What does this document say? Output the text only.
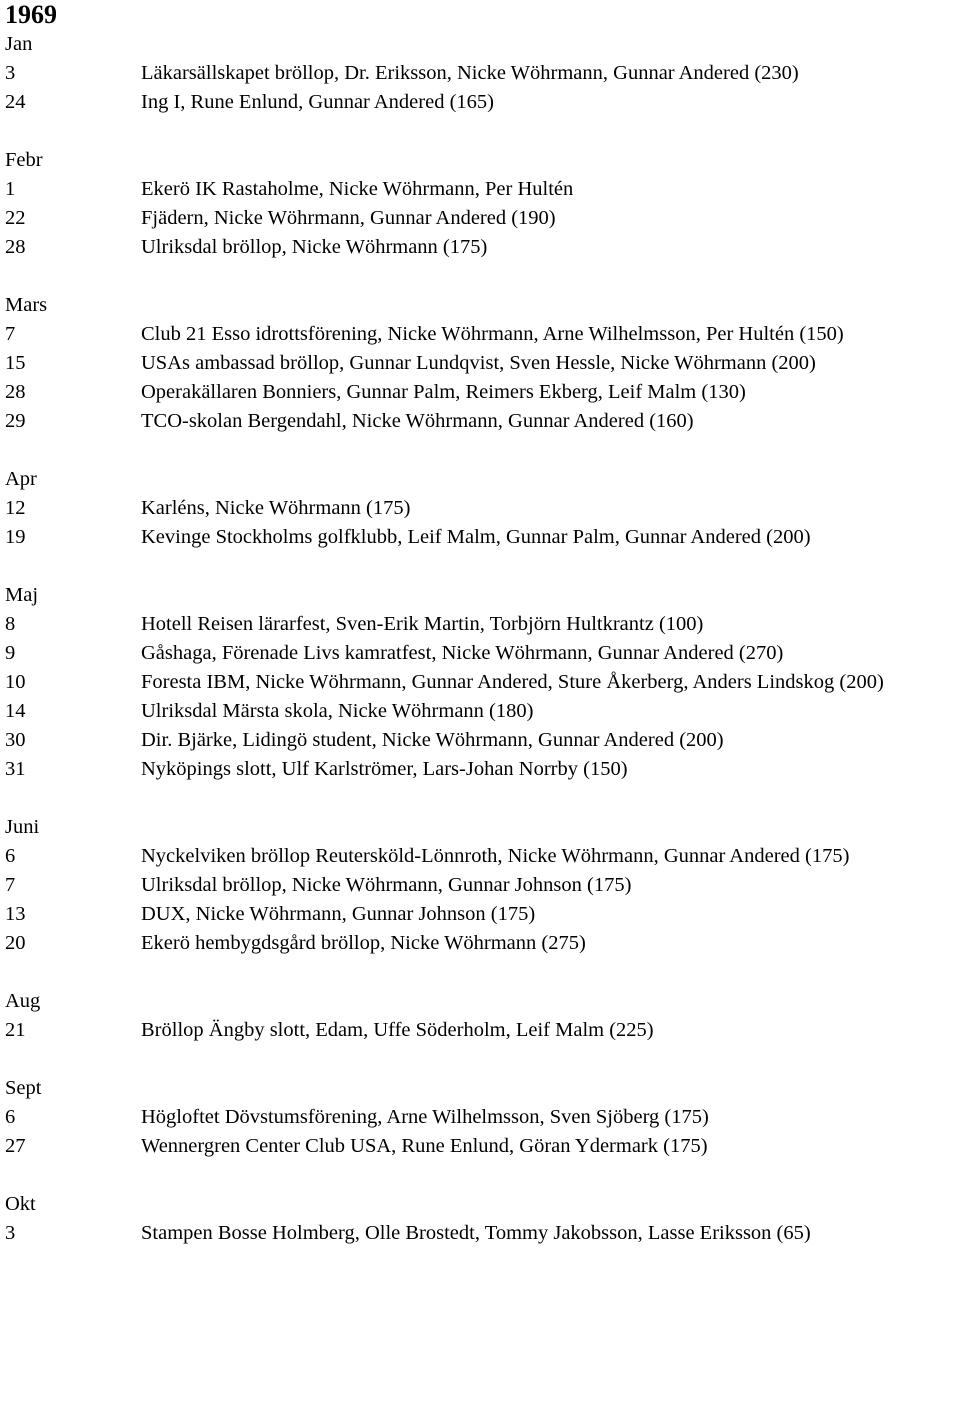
1969
Jan
3	Läkarsällskapet bröllop, Dr. Eriksson, Nicke Wöhrmann, Gunnar Andered (230)
24	Ing I, Rune Enlund, Gunnar Andered (165)
Febr
1	Ekerö IK Rastaholme, Nicke Wöhrmann, Per Hultén
22	Fjädern, Nicke Wöhrmann, Gunnar Andered (190)
28	Ulriksdal bröllop, Nicke Wöhrmann (175)
Mars
7	Club 21 Esso idrottsförening, Nicke Wöhrmann, Arne Wilhelmsson, Per Hultén (150)
15	USAs ambassad bröllop, Gunnar Lundqvist, Sven Hessle, Nicke Wöhrmann (200)
28	Operakällaren Bonniers, Gunnar Palm, Reimers Ekberg, Leif Malm (130)
29	TCO-skolan Bergendahl, Nicke Wöhrmann, Gunnar Andered (160)
Apr
12	Karléns, Nicke Wöhrmann (175)
19	Kevinge Stockholms golfklubb, Leif Malm, Gunnar Palm, Gunnar Andered (200)
Maj
8	Hotell Reisen lärarfest, Sven-Erik Martin, Torbjörn Hultkrantz (100)
9	Gåshaga, Förenade Livs kamratfest, Nicke Wöhrmann, Gunnar Andered (270)
10	Foresta IBM, Nicke Wöhrmann, Gunnar Andered, Sture Åkerberg, Anders Lindskog (200)
14	Ulriksdal Märsta skola, Nicke Wöhrmann (180)
30	Dir. Bjärke, Lidingö student, Nicke Wöhrmann, Gunnar Andered (200)
31	Nyköpings slott, Ulf Karlströmer, Lars-Johan Norrby (150)
Juni
6	Nyckelviken bröllop Reutersköld-Lönnroth, Nicke Wöhrmann, Gunnar Andered (175)
7	Ulriksdal bröllop, Nicke Wöhrmann, Gunnar Johnson (175)
13	DUX, Nicke Wöhrmann, Gunnar Johnson (175)
20	Ekerö hembygdsgård bröllop, Nicke Wöhrmann (275)
Aug
21	Bröllop Ängby slott, Edam, Uffe Söderholm, Leif Malm (225)
Sept
6	Högloftet Dövstumsförening, Arne Wilhelmsson, Sven Sjöberg (175)
27	Wennergren Center Club USA, Rune Enlund, Göran Ydermark (175)
Okt
3	Stampen Bosse Holmberg, Olle Brostedt, Tommy Jakobsson, Lasse Eriksson (65)
